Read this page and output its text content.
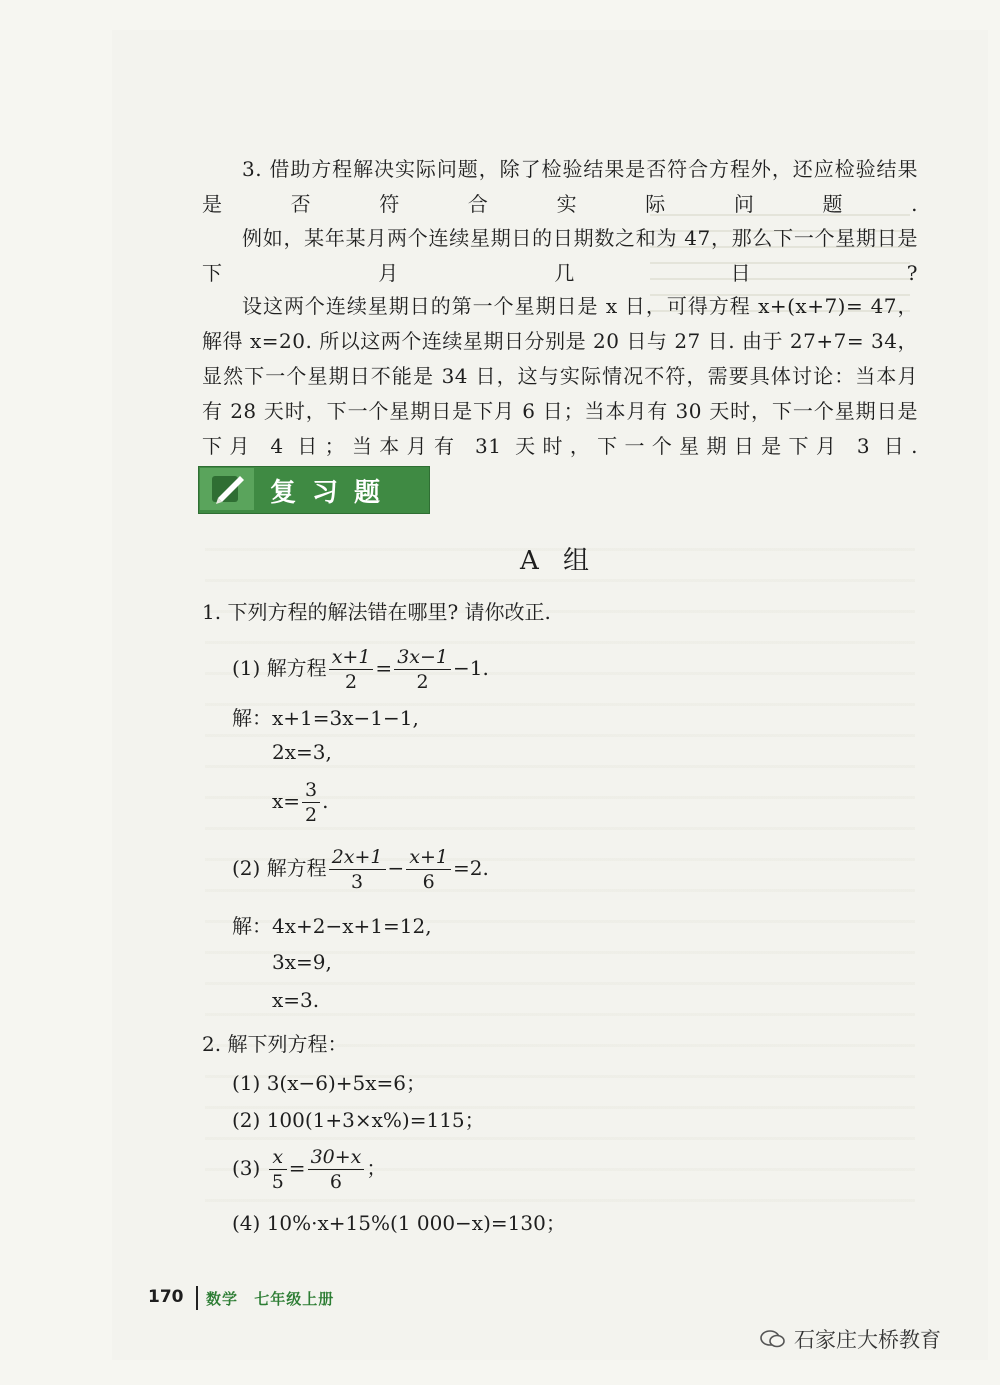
3. 借助方程解决实际问题，除了检验结果是否符合方程外，还应检验结果是否符合实际问题.
例如，某年某月两个连续星期日的日期数之和为 47，那么下一个星期日是下月几日?
设这两个连续星期日的第一个星期日是 x 日，可得方程 x+(x+7)= 47，解得 x=20. 所以这两个连续星期日分别是 20 日与 27 日. 由于 27+7= 34，显然下一个星期日不能是 34 日，这与实际情况不符，需要具体讨论：当本月有 28 天时，下一个星期日是下月 6 日；当本月有 30 天时，下一个星期日是下月 4 日；当本月有 31 天时，下一个星期日是下月 3 日.
复习题
A 组
1. 下列方程的解法错在哪里? 请你改正.
(1) 解方程 $\frac{x+1}{2} = \frac{3x-1}{2} -1$.
解：x+1=3x−1−1,
2x=3,
$x= \frac{3}{2}$ .
(2) 解方程 $\frac{2x+1}{3} - \frac{x+1}{6} =2$.
解：4x+2−x+1=12,
3x=9,
x=3.
2. 解下列方程：
(1) 3(x−6)+5x=6；
(2) 100(1+3×x%)=115；
$(3) \frac{x}{5} = \frac{30+x}{6}$ ；
(4) 10%·x+15%(1 000−x)=130；
170 数学 七年级上册
石家庄大桥教育
